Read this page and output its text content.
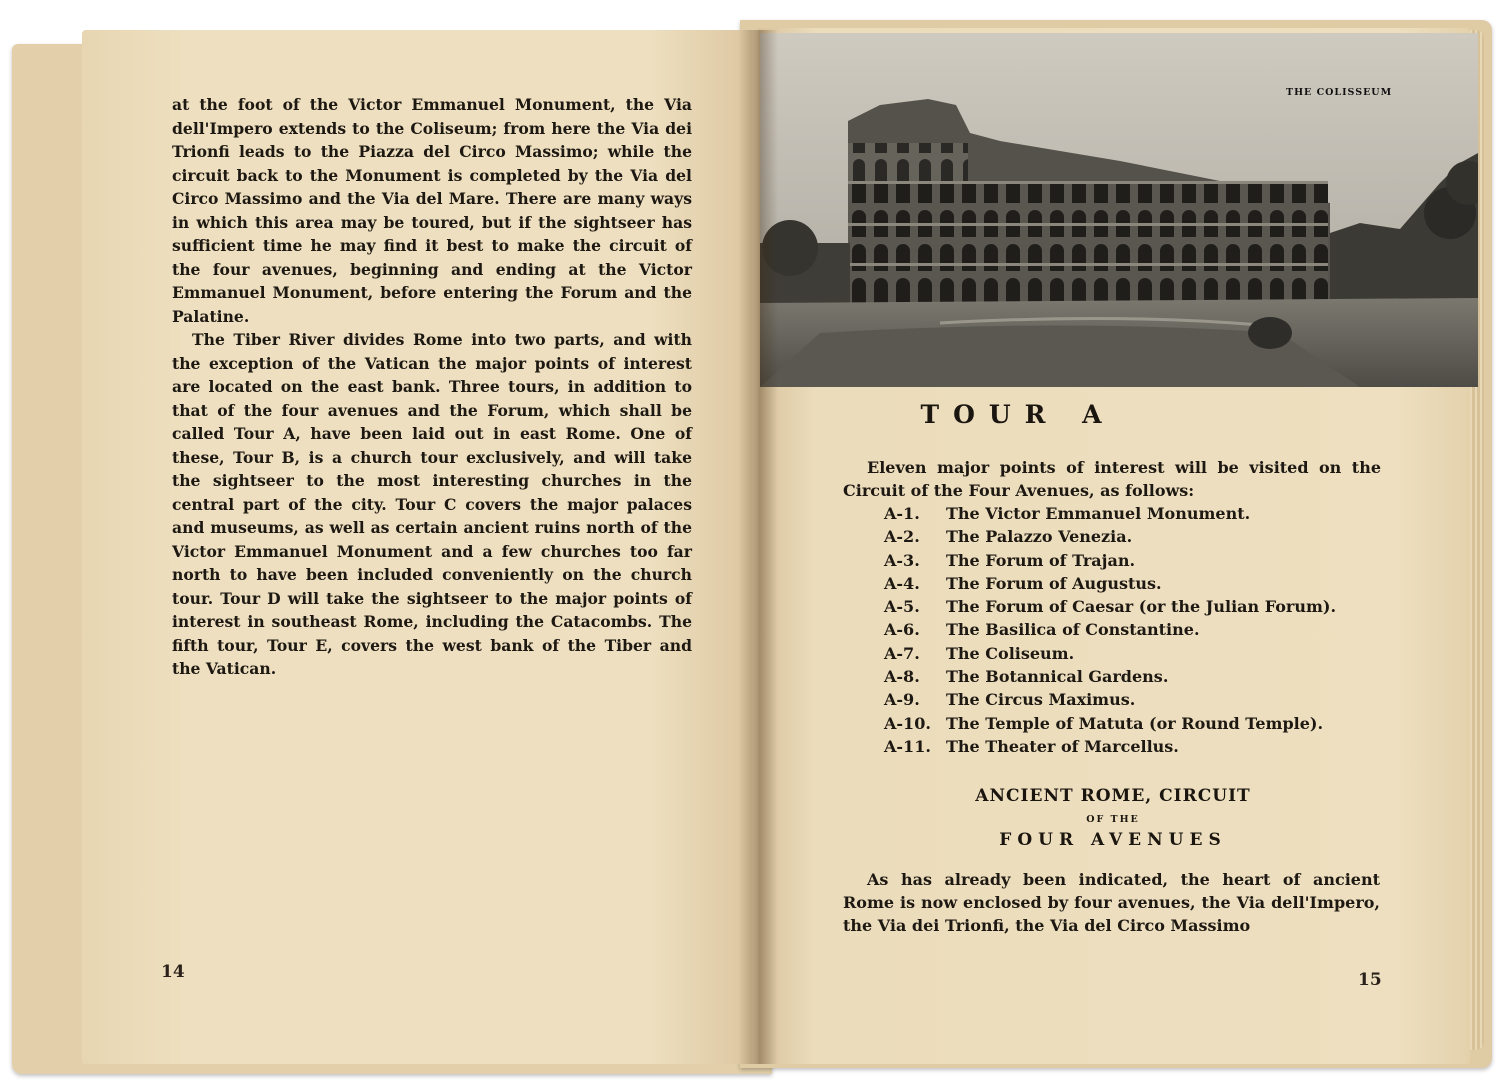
at the foot of the Victor Emmanuel Monument, the Via dell'Impero extends to the Coliseum; from here the Via dei Trionfi leads to the Piazza del Circo Massimo; while the circuit back to the Monument is completed by the Via del Circo Massimo and the Via del Mare. There are many ways in which this area may be toured, but if the sightseer has sufficient time he may find it best to make the circuit of the four avenues, beginning and ending at the Victor Emmanuel Monument, before entering the Forum and the Palatine.

The Tiber River divides Rome into two parts, and with the exception of the Vatican the major points of interest are located on the east bank. Three tours, in addition to that of the four avenues and the Forum, which shall be called Tour A, have been laid out in east Rome. One of these, Tour B, is a church tour exclusively, and will take the sightseer to the most interesting churches in the central part of the city. Tour C covers the major palaces and museums, as well as certain ancient ruins north of the Victor Emmanuel Monument and a few churches too far north to have been included conveniently on the church tour. Tour D will take the sightseer to the major points of interest in southeast Rome, including the Catacombs. The fifth tour, Tour E, covers the west bank of the Tiber and the Vatican.

14
THE COLISSEUM
TOUR A

Eleven major points of interest will be visited on the Circuit of the Four Avenues, as follows:

A-1.	The Victor Emmanuel Monument.
A-2.	The Palazzo Venezia.
A-3.	The Forum of Trajan.
A-4.	The Forum of Augustus.
A-5.	The Forum of Caesar (or the Julian Forum).
A-6.	The Basilica of Constantine.
A-7.	The Coliseum.
A-8.	The Botannical Gardens.
A-9.	The Circus Maximus.
A-10. The Temple of Matuta (or Round Temple).
A-11. The Theater of Marcellus.
ANCIENT ROME, CIRCUIT
OF THE
FOUR AVENUES

As has already been indicated, the heart of ancient Rome is now enclosed by four avenues, the Via dell'Impero, the Via dei Trionfi, the Via del Circo Massimo

15
